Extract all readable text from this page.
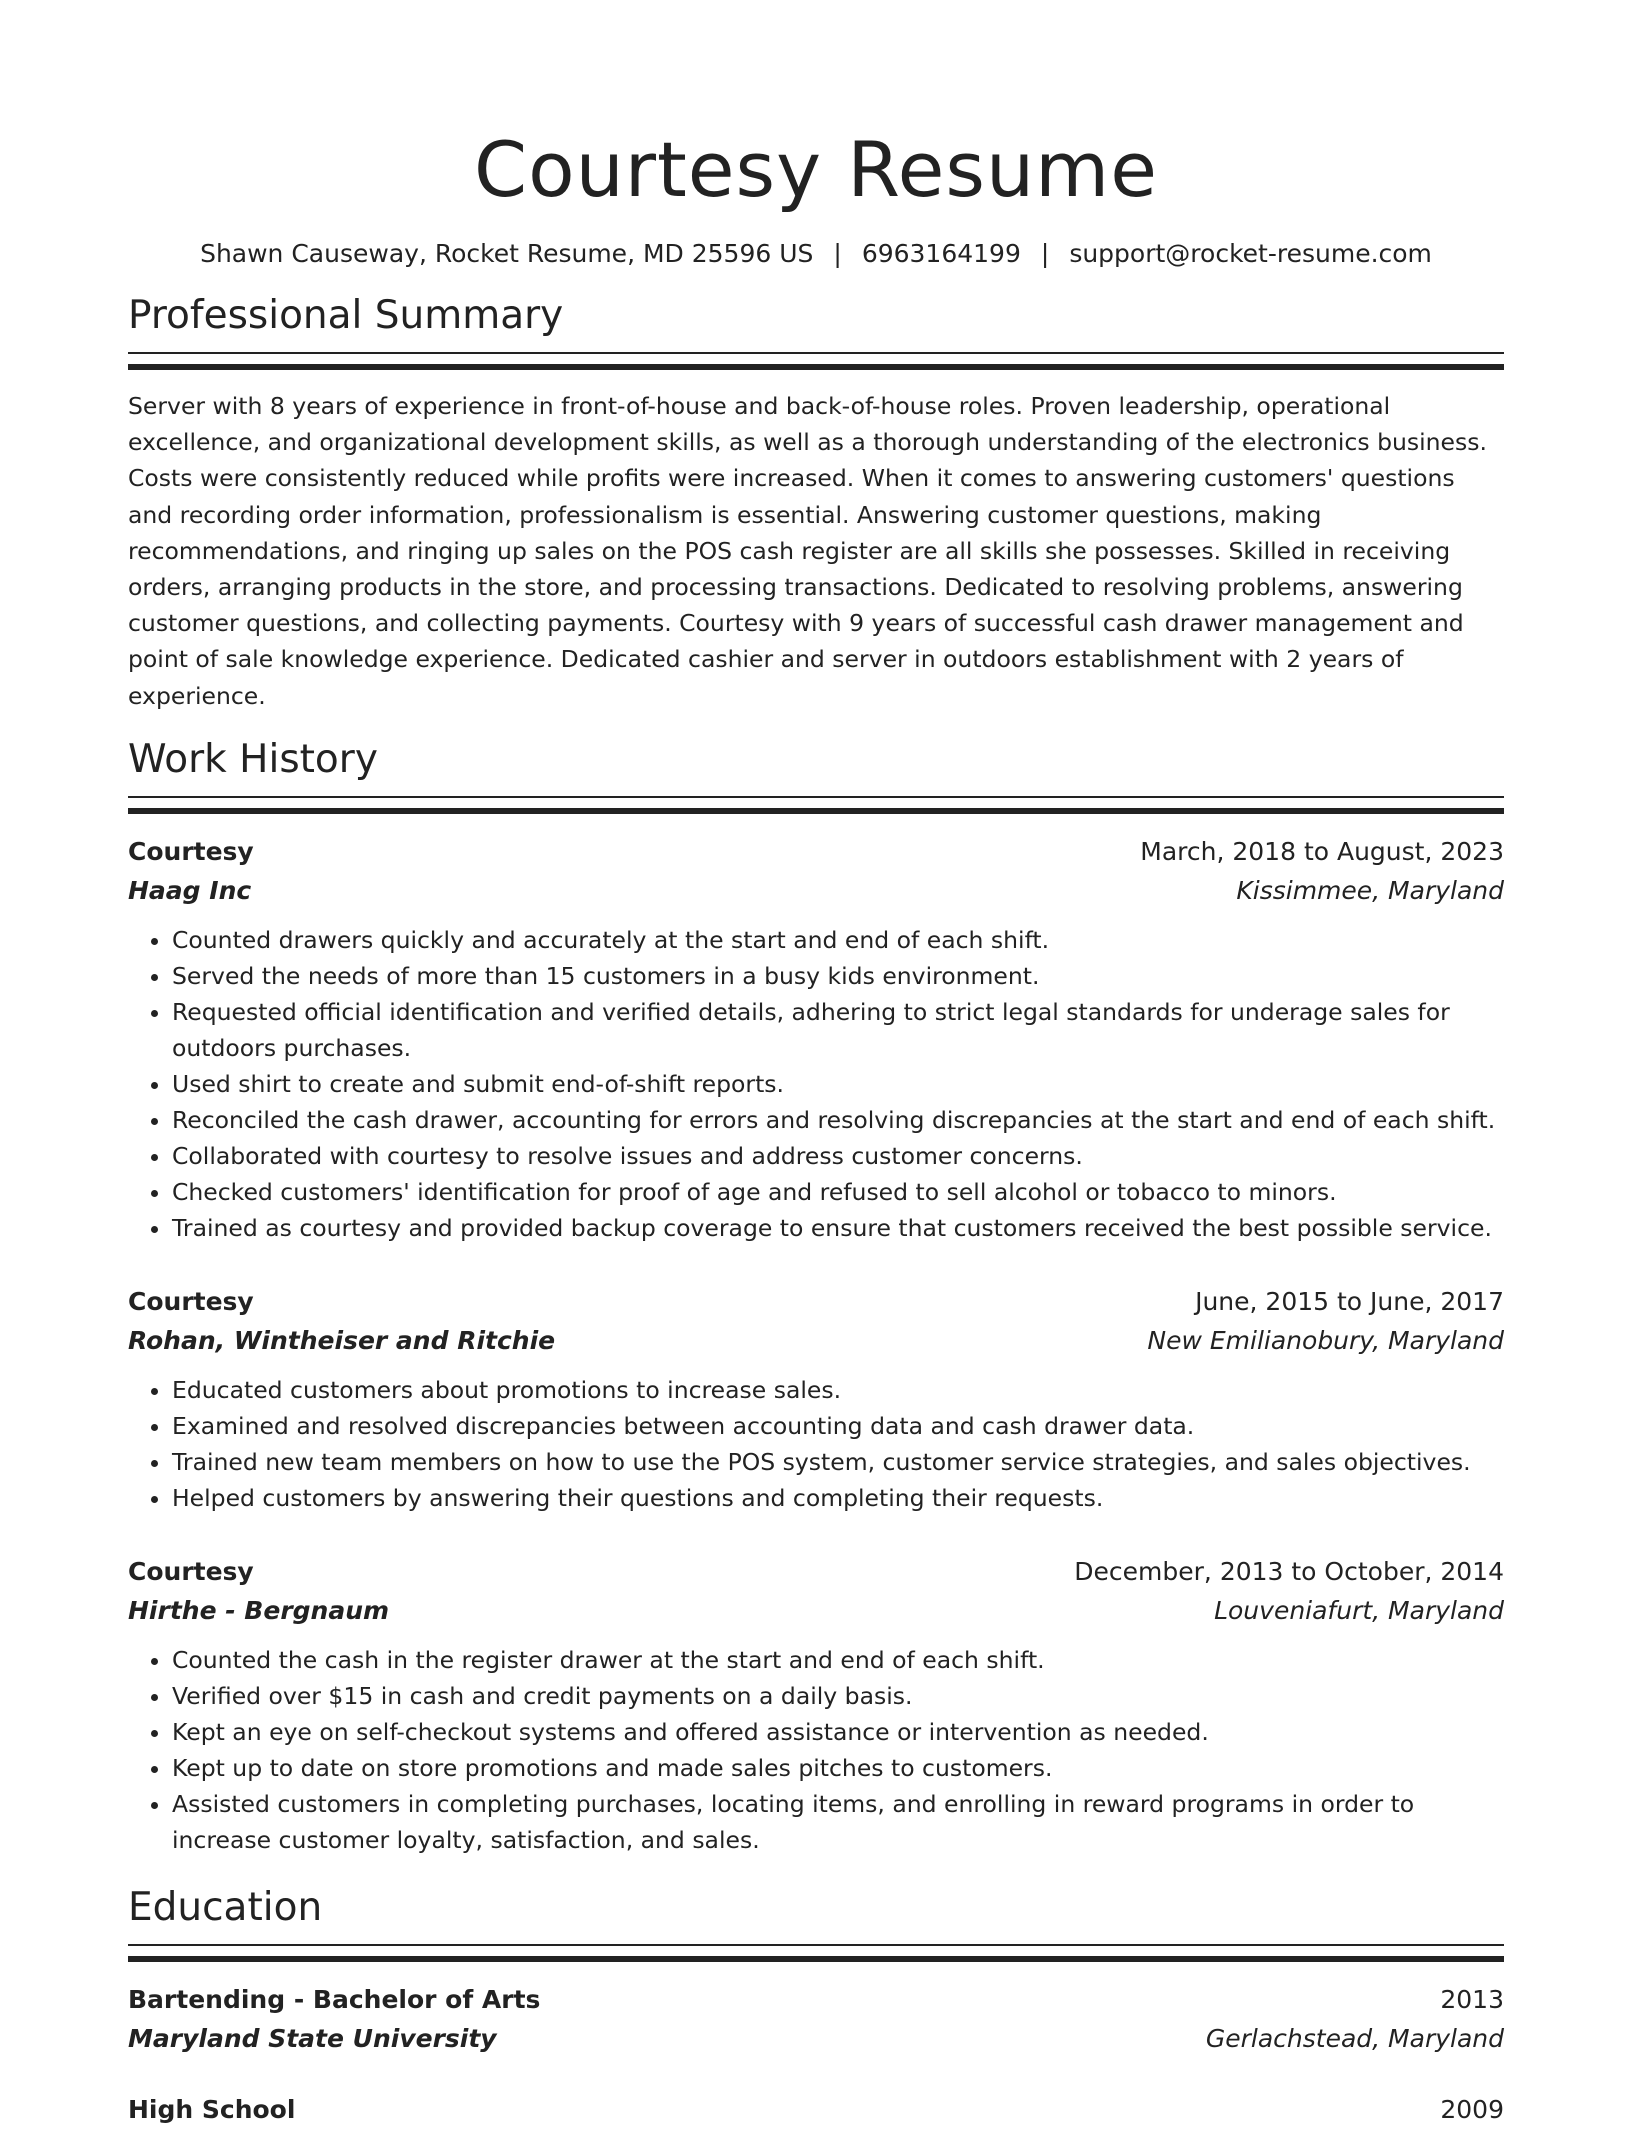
Courtesy Resume
Shawn Causeway, Rocket Resume, MD 25596 US | 6963164199 | support@rocket-resume.com
Professional Summary
Server with 8 years of experience in front-of-house and back-of-house roles. Proven leadership, operational excellence, and organizational development skills, as well as a thorough understanding of the electronics business. Costs were consistently reduced while profits were increased. When it comes to answering customers' questions and recording order information, professionalism is essential. Answering customer questions, making recommendations, and ringing up sales on the POS cash register are all skills she possesses. Skilled in receiving orders, arranging products in the store, and processing transactions. Dedicated to resolving problems, answering customer questions, and collecting payments. Courtesy with 9 years of successful cash drawer management and point of sale knowledge experience. Dedicated cashier and server in outdoors establishment with 2 years of experience.
Work History
Courtesy	March, 2018 to August, 2023
Haag Inc	Kissimmee, Maryland
• Counted drawers quickly and accurately at the start and end of each shift.
• Served the needs of more than 15 customers in a busy kids environment.
• Requested official identification and verified details, adhering to strict legal standards for underage sales for outdoors purchases.
• Used shirt to create and submit end-of-shift reports.
• Reconciled the cash drawer, accounting for errors and resolving discrepancies at the start and end of each shift.
• Collaborated with courtesy to resolve issues and address customer concerns.
• Checked customers' identification for proof of age and refused to sell alcohol or tobacco to minors.
• Trained as courtesy and provided backup coverage to ensure that customers received the best possible service.
Courtesy	June, 2015 to June, 2017
Rohan, Wintheiser and Ritchie	New Emilianobury, Maryland
• Educated customers about promotions to increase sales.
• Examined and resolved discrepancies between accounting data and cash drawer data.
• Trained new team members on how to use the POS system, customer service strategies, and sales objectives.
• Helped customers by answering their questions and completing their requests.
Courtesy	December, 2013 to October, 2014
Hirthe - Bergnaum	Louveniafurt, Maryland
• Counted the cash in the register drawer at the start and end of each shift.
• Verified over $15 in cash and credit payments on a daily basis.
• Kept an eye on self-checkout systems and offered assistance or intervention as needed.
• Kept up to date on store promotions and made sales pitches to customers.
• Assisted customers in completing purchases, locating items, and enrolling in reward programs in order to increase customer loyalty, satisfaction, and sales.
Education
Bartending - Bachelor of Arts	2013
Maryland State University	Gerlachstead, Maryland
High School	2009
